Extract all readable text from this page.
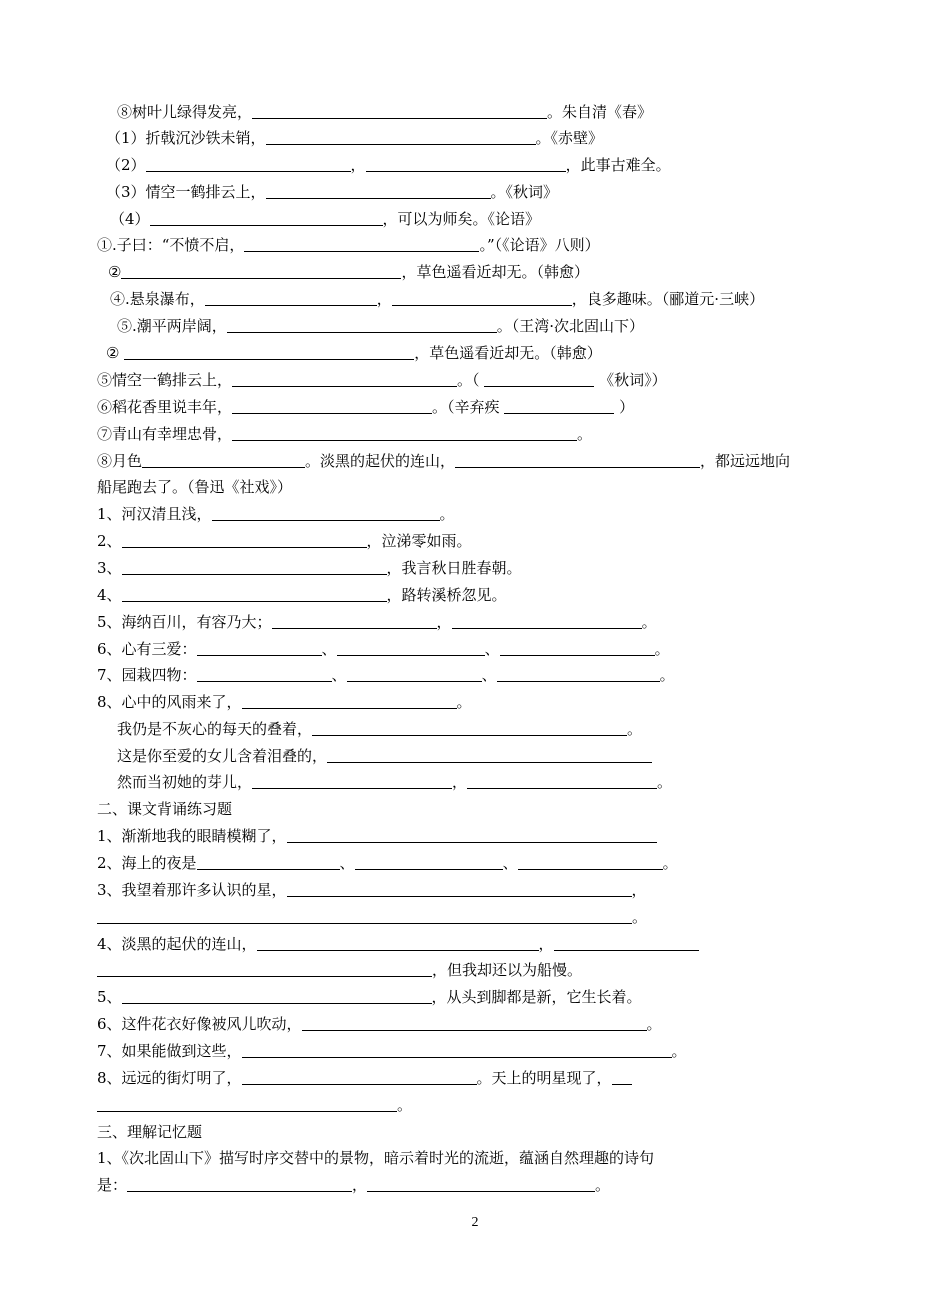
⑧树叶儿绿得发亮，	。朱自清《春》
（1）折戟沉沙铁未销，	。《赤壁》
（2）	，	，此事古难全。
（3）情空一鹤排云上，	。《秋词》
（4）	，可以为师矣。《论语》
①.子曰：“不愤不启，	。”（《论语》八则）
②	，草色遥看近却无。（韩愈）
④.悬泉瀑布，	，	，良多趣味。（郦道元·三峡）
⑤.潮平两岸阔，	。（王湾·次北固山下）
②	，草色遥看近却无。（韩愈）
⑤情空一鹤排云上，	。（	《秋词》）
⑥稻花香里说丰年，	。（辛弃疾	）
⑦青山有幸埋忠骨，	。
⑧月色	。淡黑的起伏的连山，	，都远远地向
船尾跑去了。（鲁迅《社戏》）
1、河汉清且浅，	。
2、	，泣涕零如雨。
3、	，我言秋日胜春朝。
4、	，路转溪桥忽见。
5、海纳百川，有容乃大；	，	。
6、心有三爱：	、	、	。
7、园栽四物：	、	、	。
8、心中的风雨来了，	。
我仍是不灰心的每天的叠着，	。
这是你至爱的女儿含着泪叠的，
然而当初她的芽儿，	，	。
二、课文背诵练习题
1、渐渐地我的眼睛模糊了，
2、海上的夜是	、	、	。
3、我望着那许多认识的星，	，
。
4、淡黑的起伏的连山，	，
，但我却还以为船慢。
5、	，从头到脚都是新，它生长着。
6、这件花衣好像被风儿吹动，	。
7、如果能做到这些，	。
8、远远的街灯明了，	。天上的明星现了，
。
三、理解记忆题
1、《次北固山下》描写时序交替中的景物，暗示着时光的流逝，蕴涵自然理趣的诗句
是：	，	。
2
